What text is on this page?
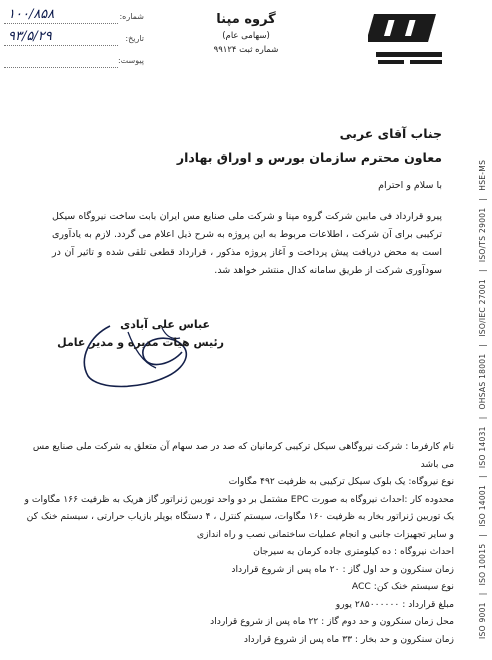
گروه مپنا
(سهامی عام)
شماره ثبت ۹۹۱۲۴
شماره:
۱۰۰/۸۵۸
تاریخ:
۹۳/۵/۲۹
پیوست:
جناب آقای عربی
معاون محترم سازمان بورس و اوراق بهادار
با سلام و احترام
پیرو قرارداد فی مابین شرکت گروه مپنا و شرکت ملی صنایع مس ایران بابت ساخت نیروگاه سیکل ترکیبی برای آن شرکت ، اطلاعات مربوط به این پروژه به شرح ذیل اعلام می گردد. لازم به یادآوری است به محض دریافت پیش پرداخت و آغاز پروژه مذکور ، قرارداد قطعی تلقی شده و تاثیر آن در سودآوری شرکت از طریق سامانه کدال منتشر خواهد شد.
عباس علی آبادی
رئیس هیات مدیره و مدیر عامل
نام کارفرما : شرکت نیروگاهی سیکل ترکیبی کرمانیان که صد در صد سهام آن متعلق به شرکت ملی صنایع مس می باشد
نوع نیروگاه: یک بلوک سیکل ترکیبی به ظرفیت ۴۹۲ مگاوات
محدوده کار :احداث نیروگاه به صورت EPC مشتمل بر دو واحد توربین ژنراتور گاز هریک به ظرفیت ۱۶۶ مگاوات و یک توربین ژنراتور بخار به ظرفیت ۱۶۰ مگاوات، سیستم کنترل ، ۴ دستگاه بویلر بازیاب حرارتی ، سیستم خنک کن و سایر تجهیزات جانبی و انجام عملیات ساختمانی نصب و راه اندازی
احداث نیروگاه : ده کیلومتری جاده کرمان به سیرجان
زمان سنکرون و حد اول گاز : ۲۰ ماه پس از شروع قرارداد
نوع سیستم خنک کن: ACC
مبلغ قرارداد : ۲۸۵۰۰۰۰۰۰ یورو
محل زمان سنکرون و حد دوم گاز : ۲۲ ماه پس از شروع قرارداد
زمان سنکرون و حد بخار : ۳۳ ماه پس از شروع قرارداد	ISO 9001|ISO 10015|ISO 14001|ISO 14031|OHSAS 18001|ISO/IEC 27001|ISO/TS 29001|HSE-MS
